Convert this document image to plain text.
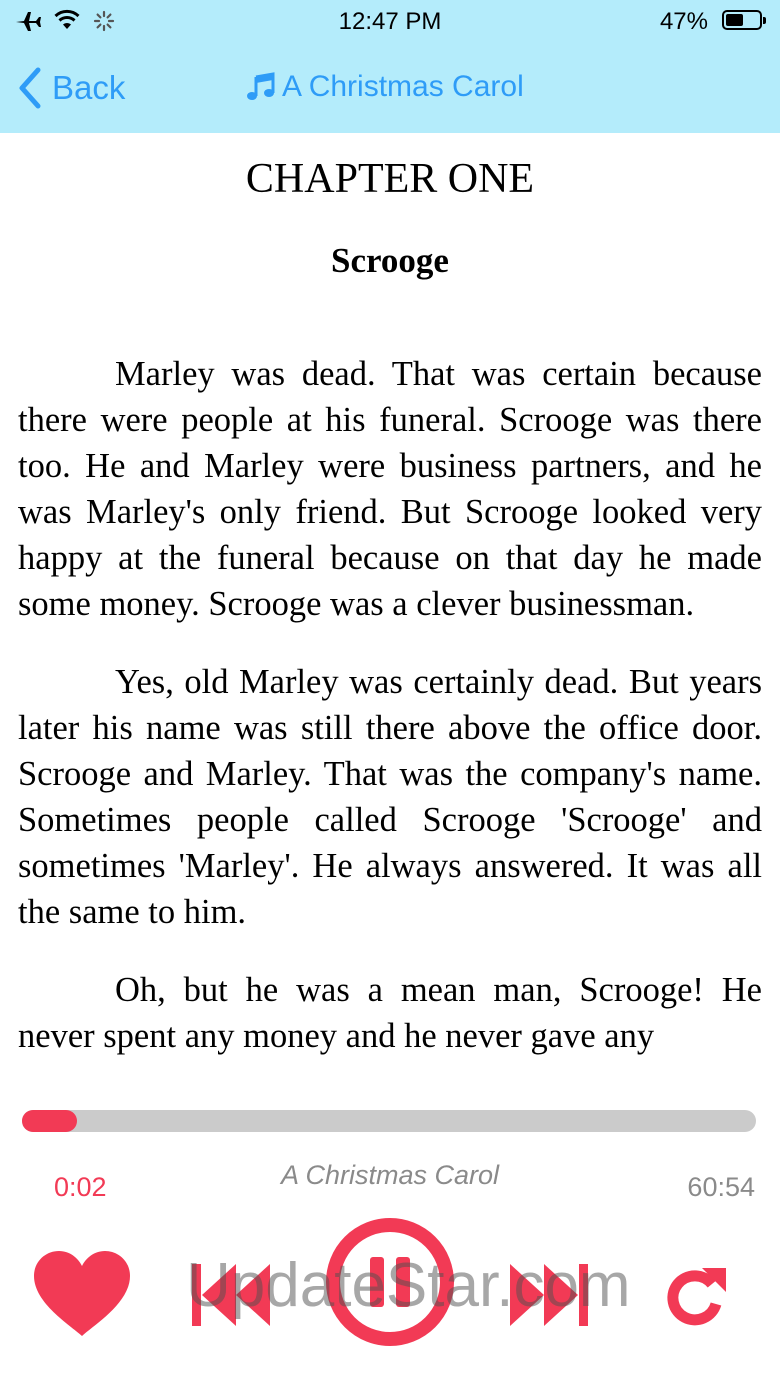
12:47 PM	47%
Back	A Christmas Carol
CHAPTER ONE
Scrooge

Marley was dead. That was certain because there were people at his funeral. Scrooge was there too. He and Marley were business partners, and he was Marley's only friend. But Scrooge looked very happy at the funeral because on that day he made some money. Scrooge was a clever businessman.

Yes, old Marley was certainly dead. But years later his name was still there above the office door. Scrooge and Marley. That was the company's name. Sometimes people called Scrooge 'Scrooge' and sometimes 'Marley'. He always answered. It was all the same to him.

Oh, but he was a mean man, Scrooge! He never spent any money and he never gave any

0:02	A Christmas Carol	60:54
UpdateStar.com
